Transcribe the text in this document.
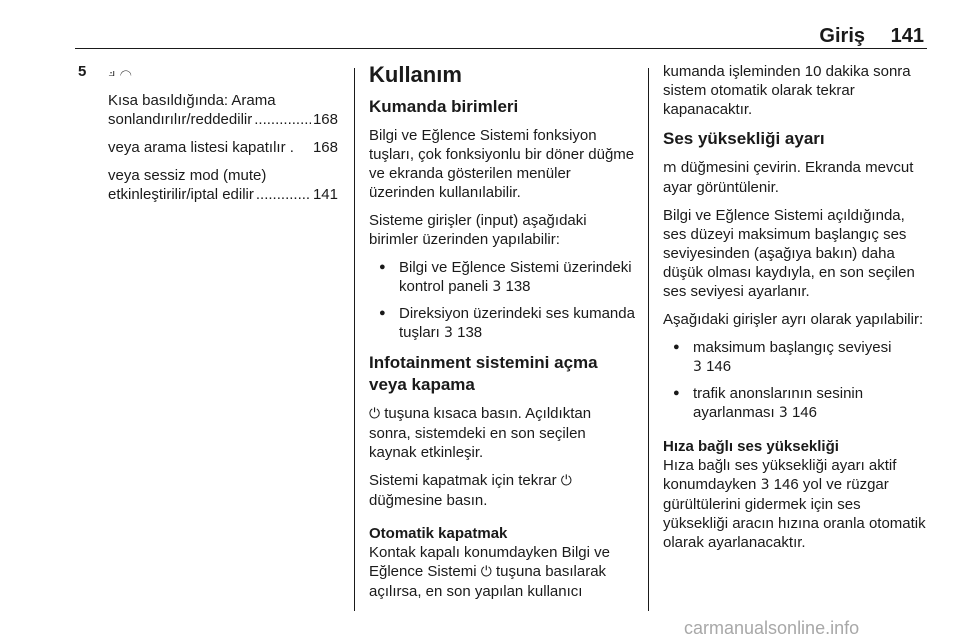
Giriş 141
5 ⟓ ⌒
Kısa basıldığında: Arama
sonlandırılır/reddedilir .....	168
veya arama listesi kapatılır . 168
veya sessiz mod (mute)
etkinleştirilir/iptal edilir .....	141
Kullanım
Kumanda birimleri

Bilgi ve Eğlence Sistemi fonksiyon tuşları, çok fonksiyonlu bir döner düğme ve ekranda gösterilen menüler üzerinden kullanılabilir.

Sisteme girişler (input) aşağıdaki birimler üzerinden yapılabilir:

● Bilgi ve Eğlence Sistemi üzerindeki kontrol paneli 3 138
● Direksiyon üzerindeki ses kumanda tuşları 3 138
Infotainment sistemini açma veya kapama

⏻ tuşuna kısaca basın. Açıldıktan sonra, sistemdeki en son seçilen kaynak etkinleşir.

Sistemi kapatmak için tekrar ⏻ düğmesine basın.

Otomatik kapatmak

Kontak kapalı konumdayken Bilgi ve Eğlence Sistemi ⏻ tuşuna basılarak açılırsa, en son yapılan kullanıcı

kumanda işleminden 10 dakika sonra sistem otomatik olarak tekrar kapanacaktır.

Ses yüksekliği ayarı

m düğmesini çevirin. Ekranda mevcut ayar görüntülenir.

Bilgi ve Eğlence Sistemi açıldığında, ses düzeyi maksimum başlangıç ses seviyesinden (aşağıya bakın) daha düşük olması kaydıyla, en son seçilen ses seviyesi ayarlanır.

Aşağıdaki girişler ayrı olarak yapılabilir:

● maksimum başlangıç seviyesi
3 146
● trafik anonslarının sesinin ayarlanması 3 146
Hıza bağlı ses yüksekliği

Hıza bağlı ses yüksekliği ayarı aktif konumdayken 3 146 yol ve rüzgar gürültülerini gidermek için ses yüksekliği aracın hızına oranla otomatik olarak ayarlanacaktır.

carmanualsonline.info
